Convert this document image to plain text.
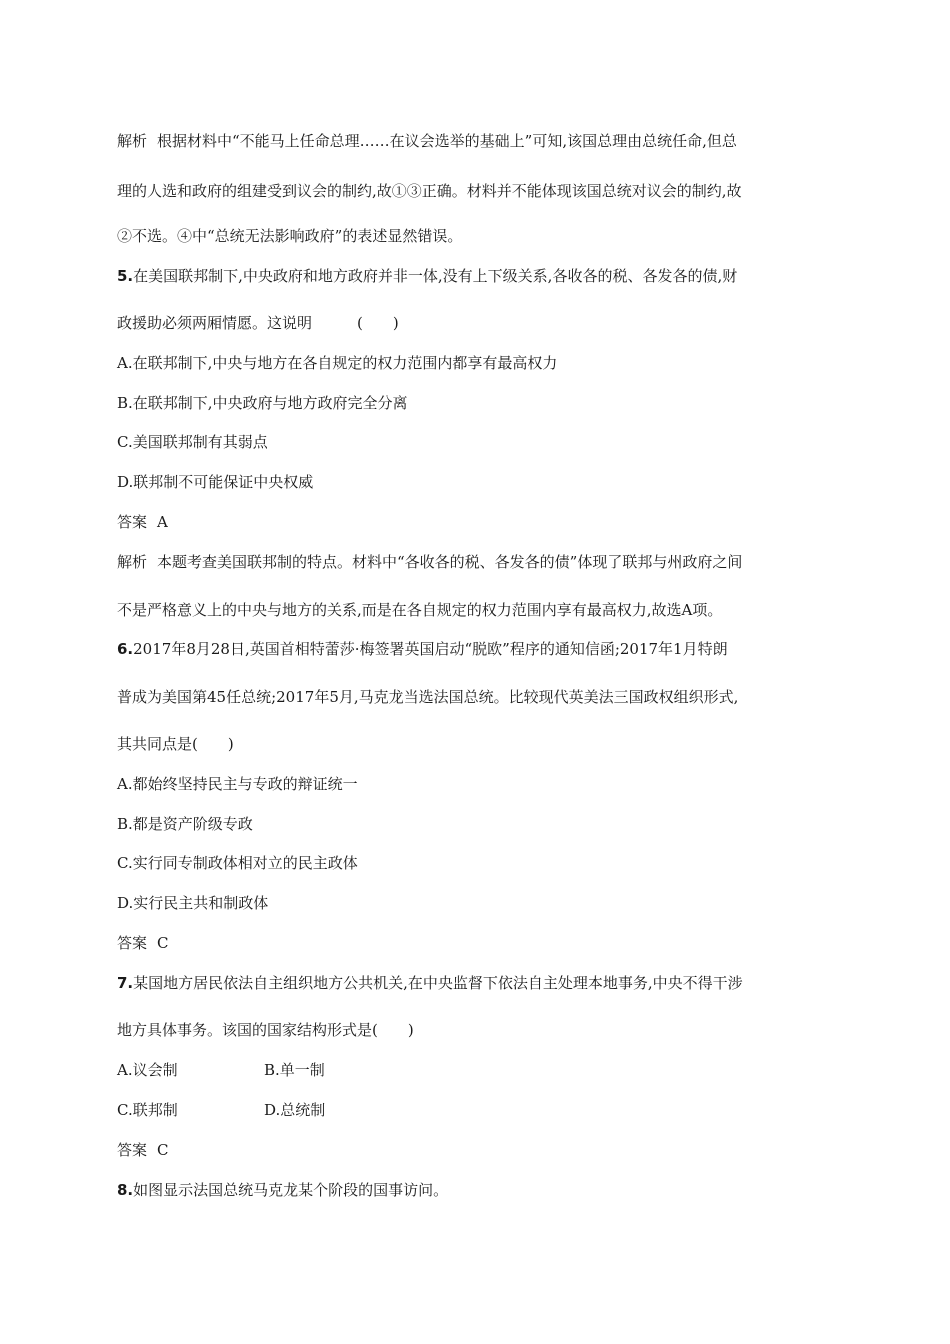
解析 根据材料中“不能马上任命总理……在议会选举的基础上”可知,该国总理由总统任命,但总
理的人选和政府的组建受到议会的制约,故①③正确。材料并不能体现该国总统对议会的制约,故
②不选。④中“总统无法影响政府”的表述显然错误。
5.在美国联邦制下,中央政府和地方政府并非一体,没有上下级关系,各收各的税、各发各的债,财
政援助必须两厢情愿。这说明　　　(　　)
A.在联邦制下,中央与地方在各自规定的权力范围内都享有最高权力
B.在联邦制下,中央政府与地方政府完全分离
C.美国联邦制有其弱点
D.联邦制不可能保证中央权威
答案 A
解析 本题考查美国联邦制的特点。材料中“各收各的税、各发各的债”体现了联邦与州政府之间
不是严格意义上的中央与地方的关系,而是在各自规定的权力范围内享有最高权力,故选A项。
6.2017年8月28日,英国首相特蕾莎·梅签署英国启动“脱欧”程序的通知信函;2017年1月特朗
普成为美国第45任总统;2017年5月,马克龙当选法国总统。比较现代英美法三国政权组织形式,
其共同点是(　　)
A.都始终坚持民主与专政的辩证统一
B.都是资产阶级专政
C.实行同专制政体相对立的民主政体
D.实行民主共和制政体
答案 C
7.某国地方居民依法自主组织地方公共机关,在中央监督下依法自主处理本地事务,中央不得干涉
地方具体事务。该国的国家结构形式是(　　)
A.议会制	B.单一制
C.联邦制	D.总统制
答案 C
8.如图显示法国总统马克龙某个阶段的国事访问。
